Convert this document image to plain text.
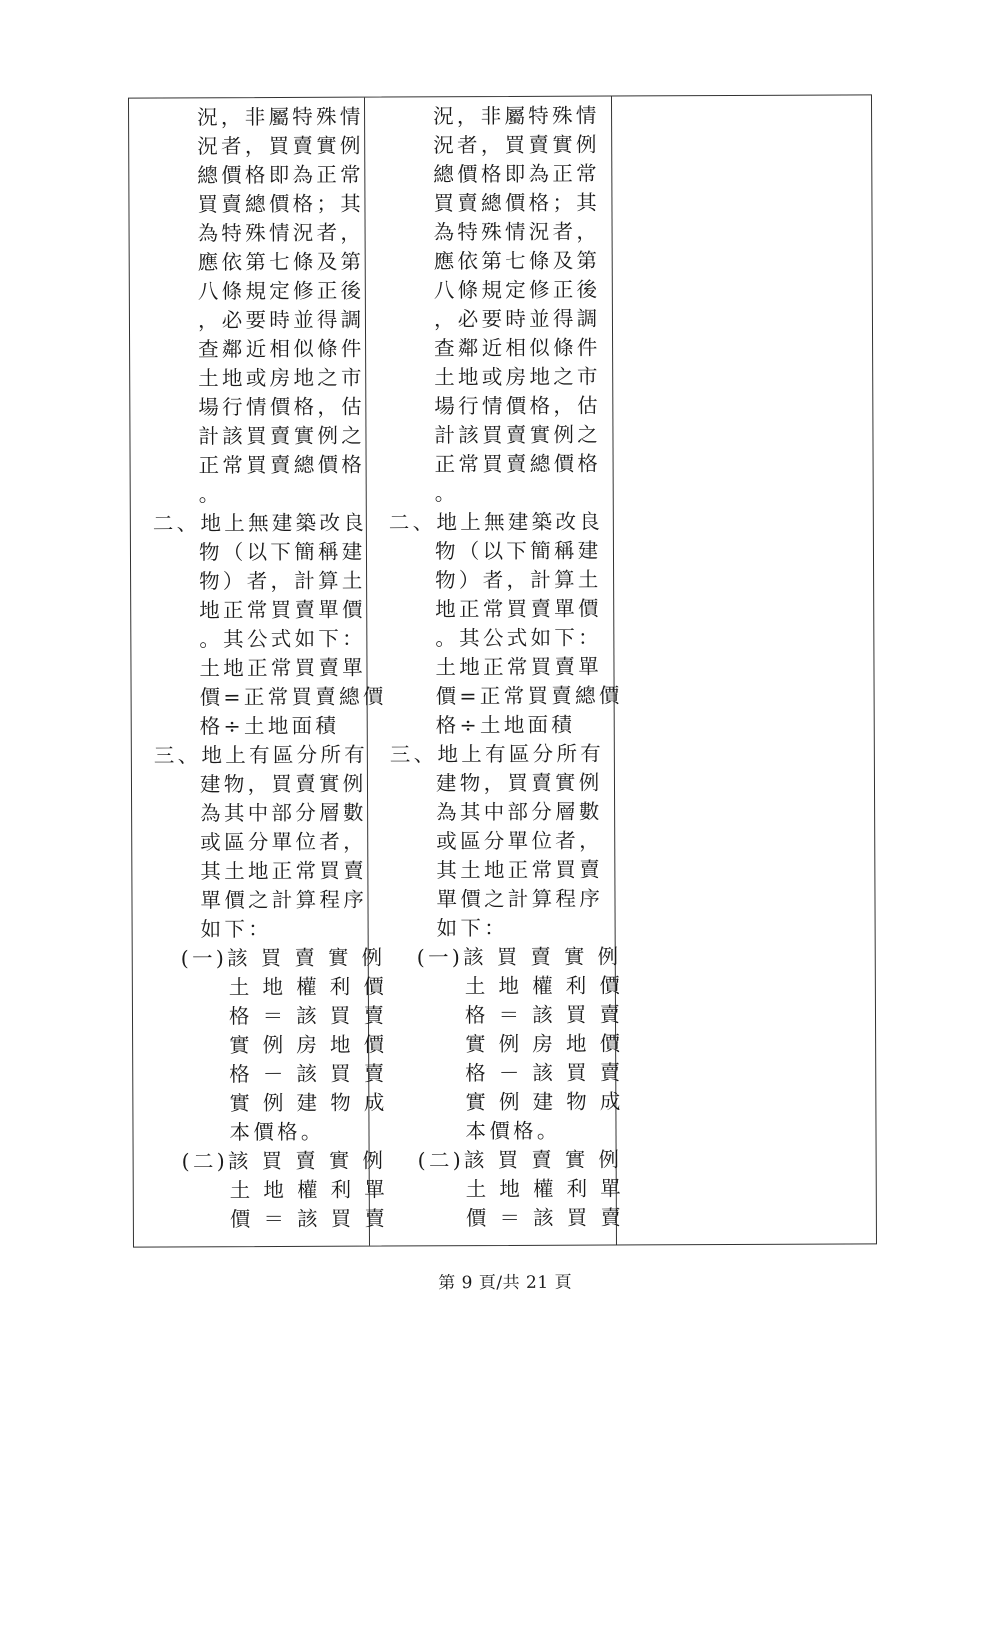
況，非屬特殊情
況者，買賣實例
總價格即為正常
買賣總價格；其
為特殊情況者，
應依第七條及第
八條規定修正後
，必要時並得調
查鄰近相似條件
土地或房地之市
場行情價格，估
計該買賣實例之
正常買賣總價格
。
二、地上無建築改良
物（以下簡稱建
物）者，計算土
地正常買賣單價
。其公式如下：
土地正常買賣單
價=正常買賣總價
格÷土地面積
三、地上有區分所有
建物，買賣實例
為其中部分層數
或區分單位者，
其土地正常買賣
單價之計算程序
如下：
(一)該 買 賣 實 例
土 地 權 利 價
格 ＝ 該 買 賣
實 例 房 地 價
格 － 該 買 賣
實 例 建 物 成
本價格。
(二)該 買 賣 實 例
土 地 權 利 單
價 ＝ 該 買 賣
況，非屬特殊情
況者，買賣實例
總價格即為正常
買賣總價格；其
為特殊情況者，
應依第七條及第
八條規定修正後
，必要時並得調
查鄰近相似條件
土地或房地之市
場行情價格，估
計該買賣實例之
正常買賣總價格
。
二、地上無建築改良
物（以下簡稱建
物）者，計算土
地正常買賣單價
。其公式如下：
土地正常買賣單
價=正常買賣總價
格÷土地面積
三、地上有區分所有
建物，買賣實例
為其中部分層數
或區分單位者，
其土地正常買賣
單價之計算程序
如下：
(一)該 買 賣 實 例
土 地 權 利 價
格 ＝ 該 買 賣
實 例 房 地 價
格 － 該 買 賣
實 例 建 物 成
本價格。
(二)該 買 賣 實 例
土 地 權 利 單
價 ＝ 該 買 賣
第 9 頁/共 21 頁
